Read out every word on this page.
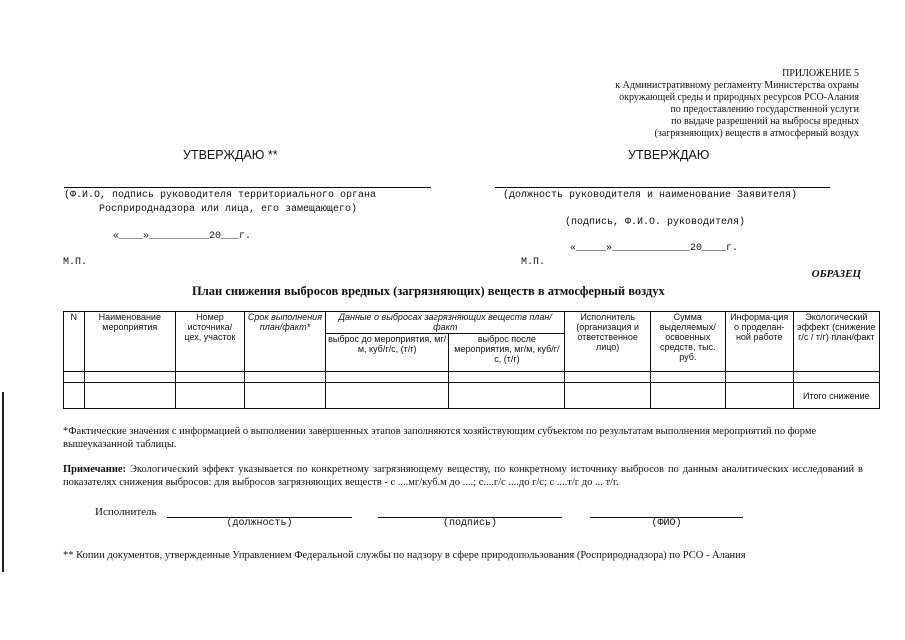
ПРИЛОЖЕНИЕ 5
к Административному регламенту Министерства охраны
окружающей среды и природных ресурсов РСО-Алания
по предоставлению государственной услуги
по выдаче разрешений на выбросы вредных
(загрязняющих) веществ в атмосферный воздух
УТВЕРЖДАЮ **
(Ф.И.О, подпись руководителя территориального органа
Росприроднадзора или лица, его замещающего)
«____»__________20___г.
М.П.
УТВЕРЖДАЮ
(должность руководителя и наименование Заявителя)
(подпись, Ф.И.О. руководителя)
«_____»_____________20____г.
М.П.
ОБРАЗЕЦ
План снижения выбросов вредных (загрязняющих) веществ в атмосферный воздух
N	Наименование мероприятия	Номер источника/ цех, участок	Срок выполнения план/факт*	Данные о выбросах загрязняющих веществ план/факт		Исполнитель (организация и ответственное лицо)	Сумма выделяемых/ освоенных средств, тыс. руб.	Информа-ция о проделан-ной работе	Экологический эффект (снижение г/с / т/г) план/факт
				выброс до мероприятия, мг/м, куб/г/с, (т/г)	выброс после мероприятия, мг/м, куб/г/с, (т/г)				

									Итого снижение
*Фактические значения с информацией о выполнении завершенных этапов заполняются хозяйствующим субъектом по результатам выполнения мероприятий по форме вышеуказанной таблицы.
Примечание: Экологический эффект указывается по конкретному загрязняющему веществу, по конкретному источнику выбросов по данным аналитических исследований в показателях снижения выбросов: для выбросов загрязняющих веществ - с ....мг/куб.м до ....; с....г/с ....до г/с; с ....т/г до ... т/г.
Исполнитель
(должность)	(подпись)	(ФИО)
** Копии документов, утвержденные Управлением Федеральной службы по надзору в сфере природопользования (Росприроднадзора) по РСО - Алания
